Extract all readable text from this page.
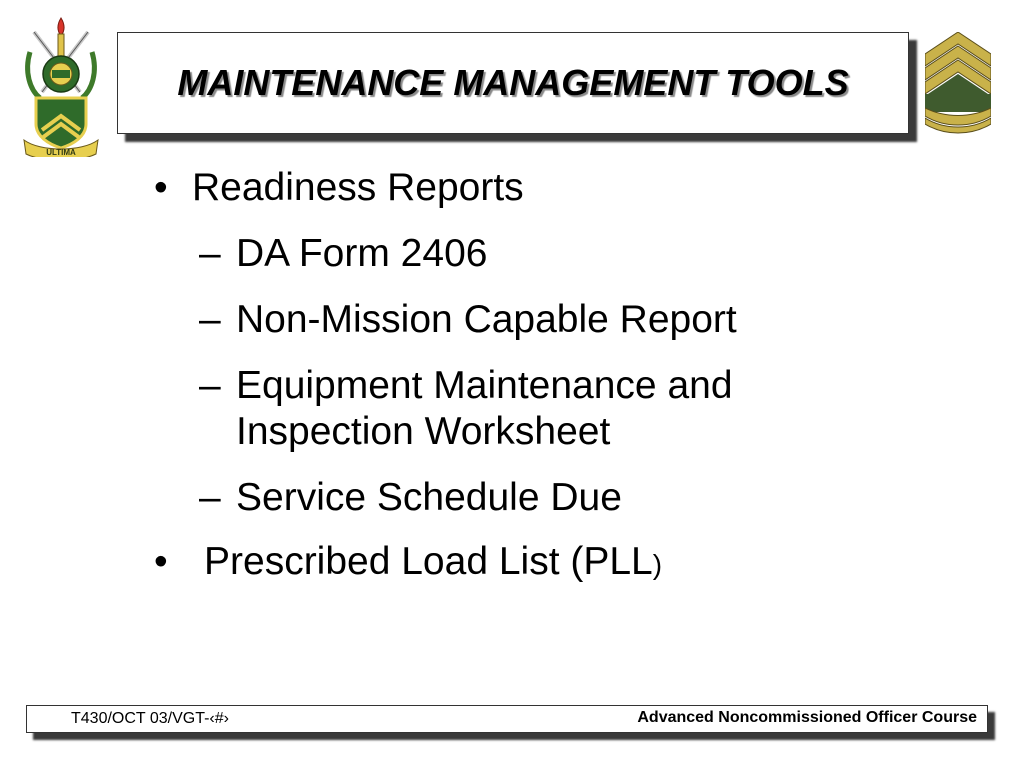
ULTIMA
MAINTENANCE MANAGEMENT TOOLS
• Readiness Reports
– DA Form 2406
– Non-Mission Capable Report
– Equipment Maintenance and Inspection Worksheet
– Service Schedule Due
• Prescribed Load List (PLL)
T430/OCT 03/VGT-‹#›	Advanced Noncommissioned Officer Course
